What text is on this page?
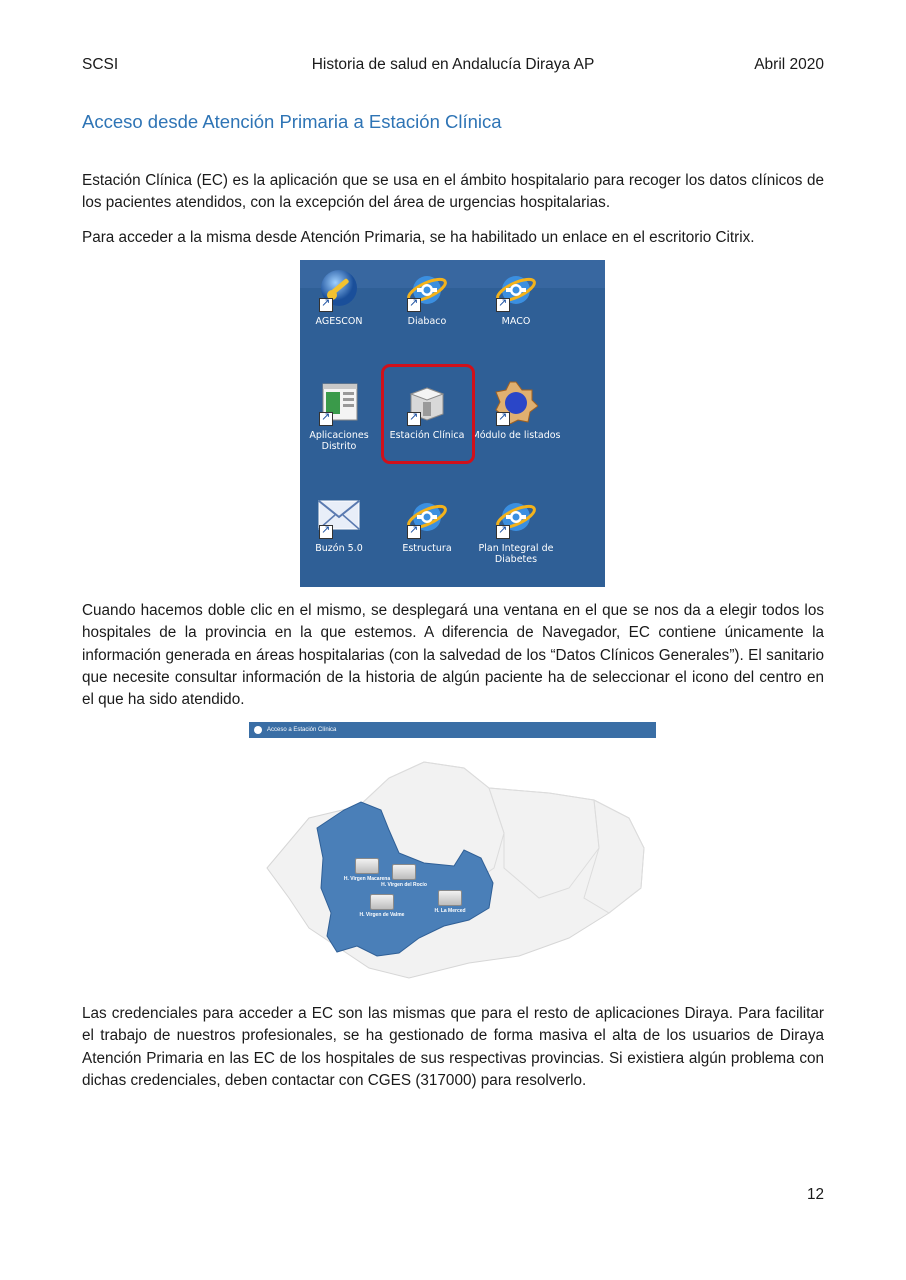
SCSI	Historia de salud en Andalucía Diraya AP	Abril 2020
Acceso desde Atención Primaria a Estación Clínica

Estación Clínica (EC) es la aplicación que se usa en el ámbito hospitalario para recoger los datos clínicos de los pacientes atendidos, con la excepción del área de urgencias hospitalarias.

Para acceder a la misma desde Atención Primaria, se ha habilitado un enlace en el escritorio Citrix.

↗
AGESCON
↗	Diabaco
↗	MACO
↗
Aplicaciones Distrito
↗
Estación Clínica
↗ Módulo de listados
↗
Buzón 5.0
↗	Estructura
↗	Plan Integral de Diabetes

Cuando hacemos doble clic en el mismo, se desplegará una ventana en el que se nos da a elegir todos los hospitales de la provincia en la que estemos. A diferencia de Navegador, EC contiene únicamente la información generada en áreas hospitalarias (con la salvedad de los “Datos Clínicos Generales”). El sanitario que necesite consultar información de la historia de algún paciente ha de seleccionar el icono del centro en el que ha sido atendido.

Acceso a Estación Clínica
H. Virgen Macarena
H. Virgen del Rocío
H. Virgen de Valme
H. La Merced

Las credenciales para acceder a EC son las mismas que para el resto de aplicaciones Diraya. Para facilitar el trabajo de nuestros profesionales, se ha gestionado de forma masiva el alta de los usuarios de Diraya Atención Primaria en las EC de los hospitales de sus respectivas provincias. Si existiera algún problema con dichas credenciales, deben contactar con CGES (317000) para resolverlo.

12
